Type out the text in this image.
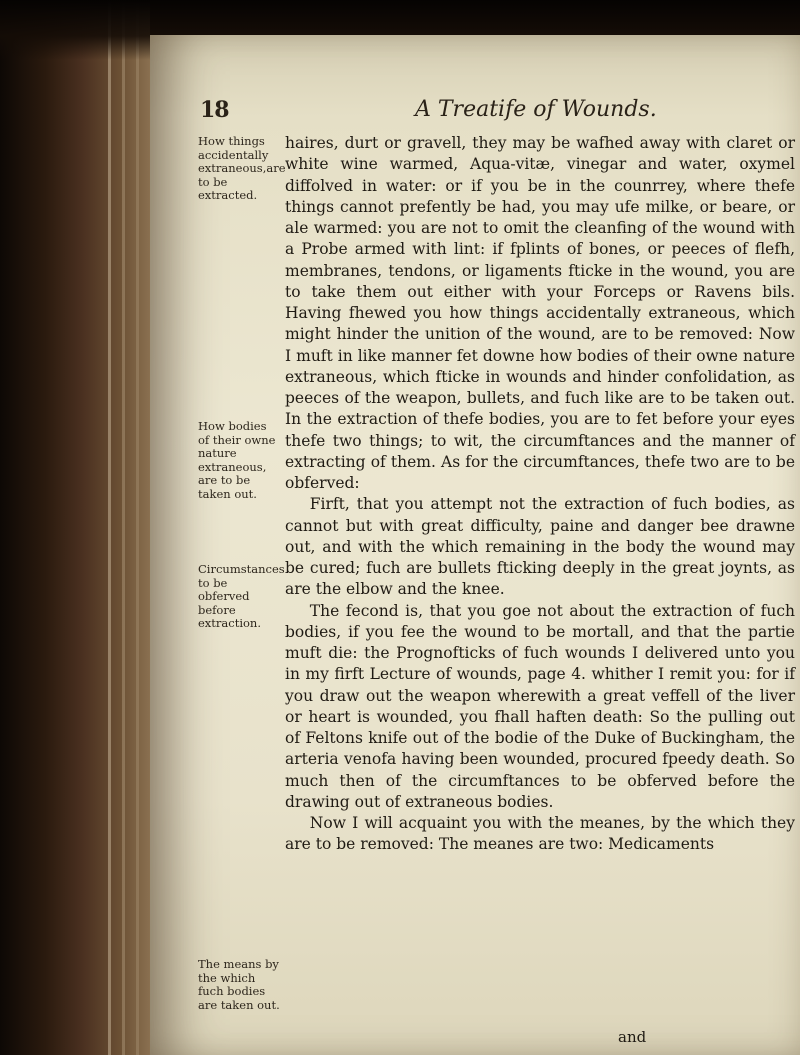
18	A Treatife of Wounds.
How things accidentally extraneous,are to be extracted.
How bodies of their owne nature extraneous, are to be taken out.
Circumstances to be obferved before extraction.
The means by the which fuch bodies are taken out.

haires, durt or gravell, they may be wafhed away with claret or white wine warmed, Aqua-vitæ, vinegar and water, oxymel diffolved in water: or if you be in the counrrey, where thefe things cannot prefently be had, you may ufe milke, or beare, or ale warmed: you are not to omit the cleanfing of the wound with a Probe armed with lint: if fplints of bones, or peeces of flefh, membranes, tendons, or ligaments fticke in the wound, you are to take them out either with your Forceps or Ravens bils. Having fhewed you how things accidentally extraneous, which might hinder the unition of the wound, are to be removed: Now I muft in like manner fet downe how bodies of their owne nature extraneous, which fticke in wounds and hinder confolidation, as peeces of the weapon, bullets, and fuch like are to be taken out. In the extraction of thefe bodies, you are to fet before your eyes thefe two things; to wit, the circumftances and the manner of extracting of them. As for the circumftances, thefe two are to be obferved:

Firft, that you attempt not the extraction of fuch bodies, as cannot but with great difficulty, paine and danger bee drawne out, and with the which remaining in the body the wound may be cured; fuch are bullets fticking deeply in the great joynts, as are the elbow and the knee.

The fecond is, that you goe not about the extraction of fuch bodies, if you fee the wound to be mortall, and that the partie muft die: the Prognofticks of fuch wounds I delivered unto you in my firft Lecture of wounds, page 4. whither I remit you: for if you draw out the weapon wherewith a great veffell of the liver or heart is wounded, you fhall haften death: So the pulling out of Feltons knife out of the bodie of the Duke of Buckingham, the arteria venofa having been wounded, procured fpeedy death. So much then of the circumftances to be obferved before the drawing out of extraneous bodies.

Now I will acquaint you with the meanes, by the which they are to be removed: The meanes are two: Medicaments

and
